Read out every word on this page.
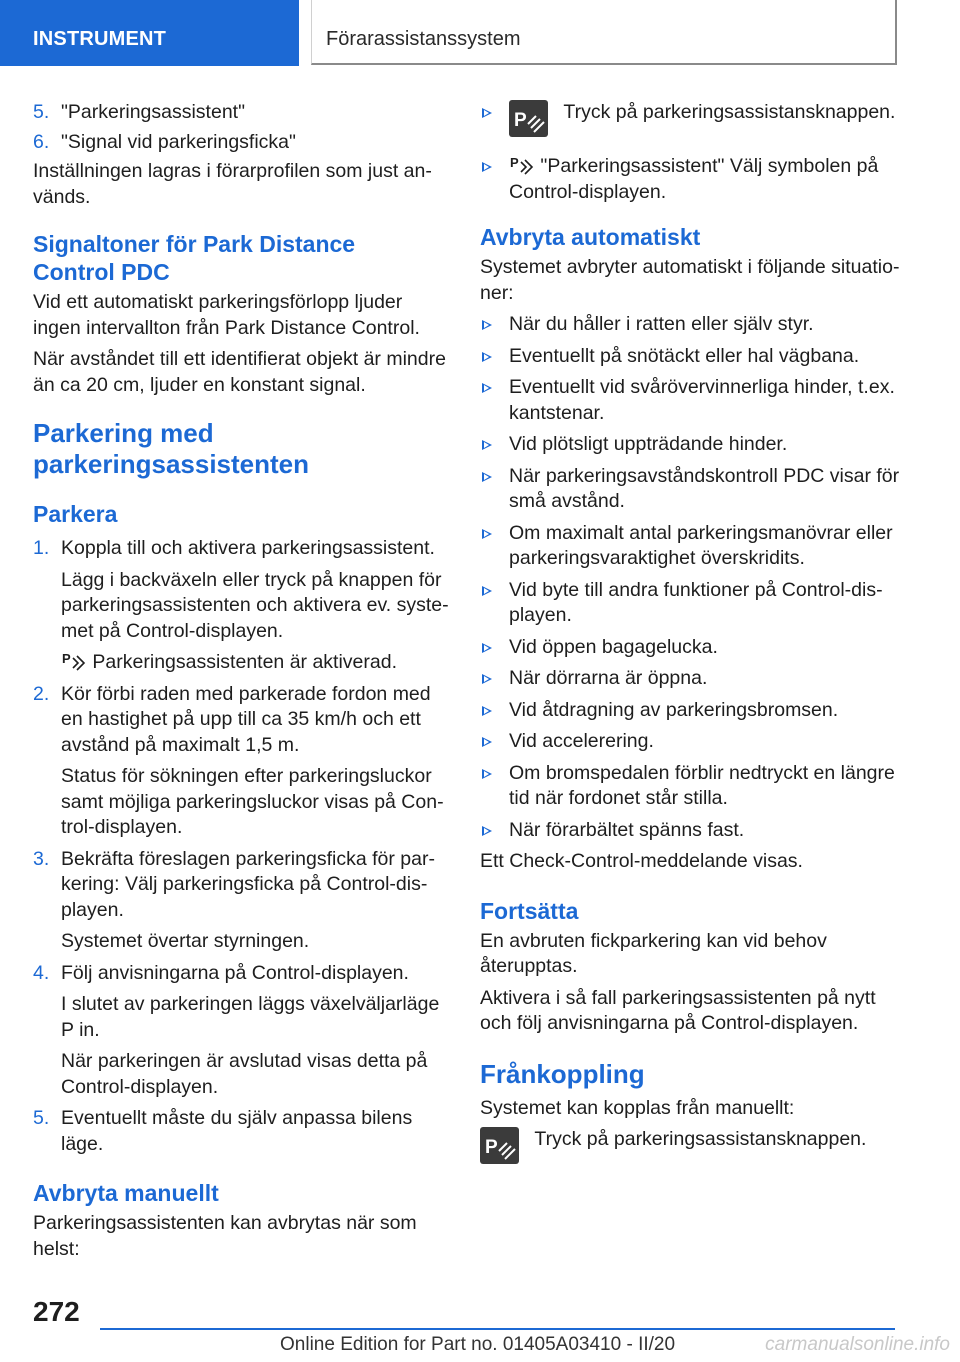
INSTRUMENT	Förarassistanssystem
5. "Parkeringsassistent"
6. "Signal vid parkeringsficka"

Inställningen lagras i förarprofilen som just används.

Signaltoner för Park Distance
Control PDC

Vid ett automatiskt parkeringsförlopp ljuder ingen intervallton från Park Distance Control.

När avståndet till ett identifierat objekt är mindre än ca 20 cm, ljuder en konstant signal.

Parkering med
parkeringsassistenten
Parkera
1. Koppla till och aktivera parkeringsassistent.

Lägg i backväxeln eller tryck på knappen för parkeringsassistenten och aktivera ev. systemet på Control-displayen.

P Parkeringsassistenten är aktiverad.

2. Kör förbi raden med parkerade fordon med en hastighet på upp till ca 35 km/h och ett avstånd på maximalt 1,5 m.

Status för sökningen efter parkeringsluckor samt möjliga parkeringsluckor visas på Control-displayen.

3. Bekräfta föreslagen parkeringsficka för parkering: Välj parkeringsficka på Control-displayen.

Systemet övertar styrningen.

4. Följ anvisningarna på Control-displayen.

I slutet av parkeringen läggs växelväljarläge P in.

När parkeringen är avslutad visas detta på Control-displayen.

5. Eventuellt måste du själv anpassa bilens läge.
Avbryta manuellt

Parkeringsassistenten kan avbrytas när som helst:

P Tryck på parkeringsassistansknappen.
P "Parkeringsassistent" Välj symbolen på Control-displayen.
Avbryta automatiskt

Systemet avbryter automatiskt i följande situationer:

När du håller i ratten eller själv styr.
Eventuellt på snötäckt eller hal vägbana.
Eventuellt vid svårövervinnerliga hinder, t.ex. kantstenar.
Vid plötsligt uppträdande hinder.
När parkeringsavståndskontroll PDC visar för små avstånd.
Om maximalt antal parkeringsmanövrar eller parkeringsvaraktighet överskridits.
Vid byte till andra funktioner på Control-displayen.
Vid öppen bagagelucka.
När dörrarna är öppna.
Vid åtdragning av parkeringsbromsen.
Vid accelerering.
Om bromspedalen förblir nedtryckt en längre tid när fordonet står stilla.
När förarbältet spänns fast.

Ett Check-Control-meddelande visas.

Fortsätta

En avbruten fickparkering kan vid behov återupptas.

Aktivera i så fall parkeringsassistenten på nytt och följ anvisningarna på Control-displayen.

Frånkoppling

Systemet kan kopplas från manuellt:

P Tryck på parkeringsassistansknappen.
272
Online Edition for Part no. 01405A03410 - II/20	carmanualsonline.info
